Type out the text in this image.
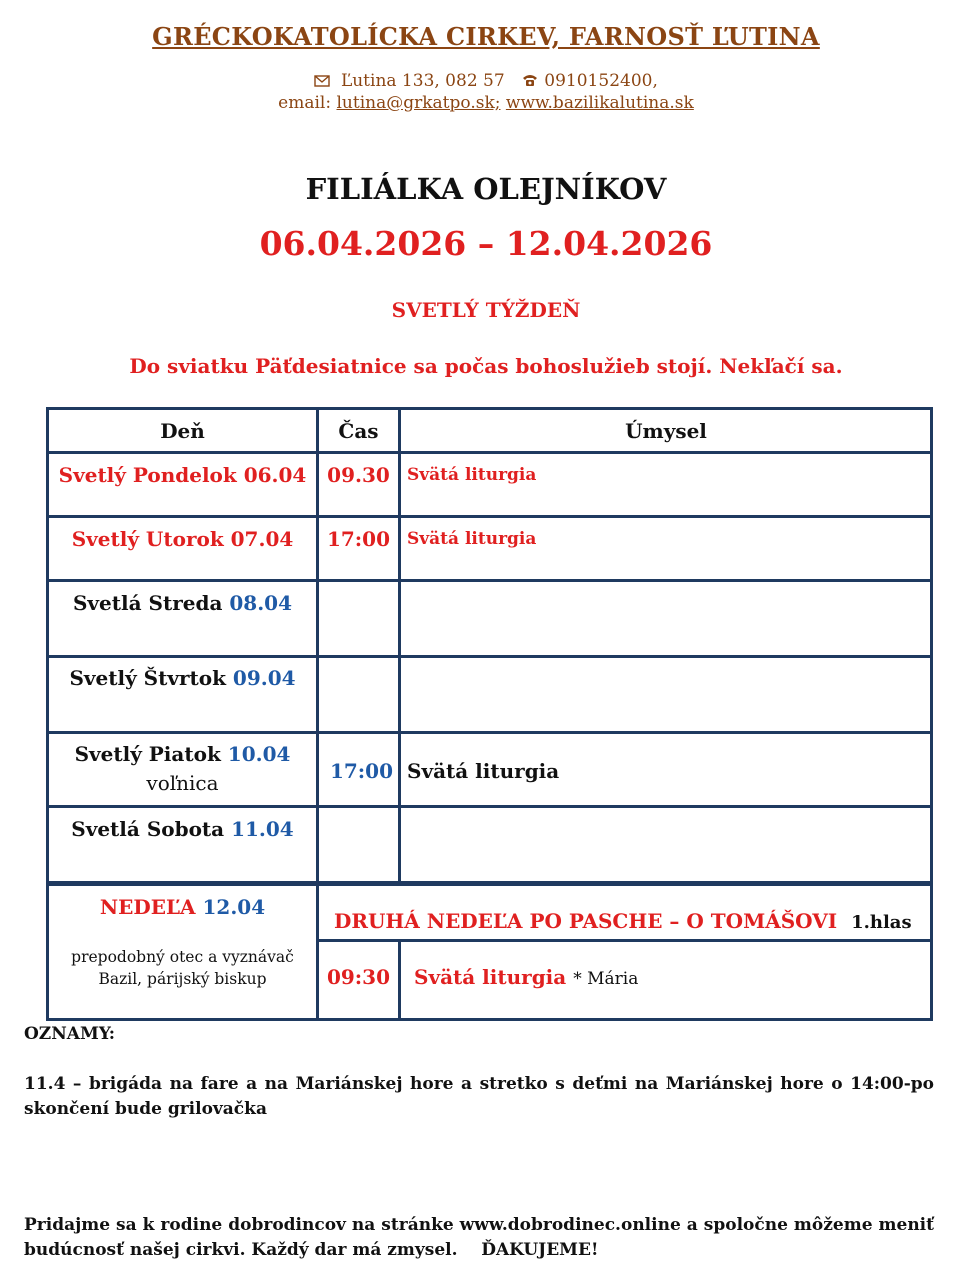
GRÉCKOKATOLÍCKA CIRKEV, FARNOSŤ ĽUTINA
Ľutina 133, 082 57 0910152400,
email: lutina@grkatpo.sk; www.bazilikalutina.sk
FILIÁLKA OLEJNÍKOV
06.04.2026 – 12.04.2026
SVETLÝ TÝŽDEŇ
Do sviatku Päťdesiatnice sa počas bohoslužieb stojí. Nekľačí sa.
Deň	Čas	Úmysel
Svetlý Pondelok 06.04	09.30	Svätá liturgia
Svetlý Utorok 07.04	17:00 Svätá liturgia
Svetlá Streda 08.04
Svetlý Štvrtok 09.04
Svetlý Piatok 10.04
voľnica	17:00 Svätá liturgia
Svetlá Sobota 11.04
NEDEĽA 12.04
prepodobný otec a vyznávač Bazil, párijský biskup
DRUHÁ NEDEĽA PO PASCHE – O TOMÁŠOVI 1.hlas
09:30	Svätá liturgia * Mária
OZNAMY:
11.4 – brigáda na fare a na Mariánskej hore a stretko s deťmi na Mariánskej hore o 14:00-po skončení bude grilovačka
Pridajme sa k rodine dobrodincov na stránke www.dobrodinec.online a spoločne môžeme meniť budúcnosť našej cirkvi. Každý dar má zmysel. ĎAKUJEME!
